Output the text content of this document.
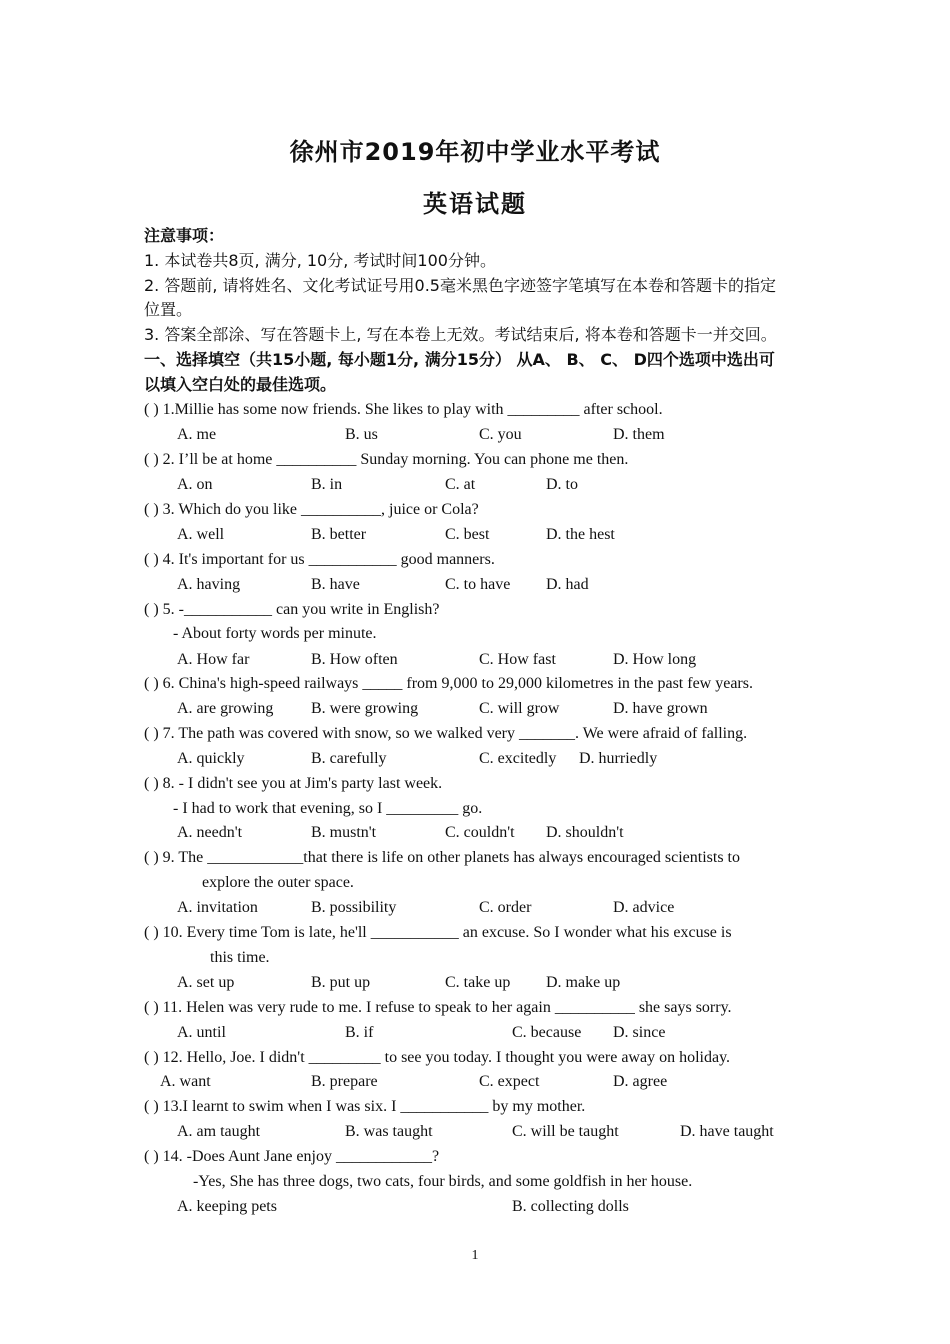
徐州市2019年初中学业水平考试
英语试题
注意事项：
1. 本试卷共8页, 满分, 10分, 考试时间100分钟。
2. 答题前, 请将姓名、文化考试证号用0.5毫米黑色字迹签字笔填写在本卷和答题卡的指定
位置。
3. 答案全部涂、写在答题卡上, 写在本卷上无效。考试结束后, 将本卷和答题卡一并交回。
一、选择填空（共15小题, 每小题1分, 满分15分） 从A、 B、 C、 D四个选项中选出可
以填入空白处的最佳选项。
( ) 1.Millie has some now friends. She likes to play with _________ after school.
A. me	B. us	C. you	D. them
( ) 2. I’ll be at home __________ Sunday morning. You can phone me then.
A. on	B. in	C. at	D. to
( ) 3. Which do you like __________, juice or Cola?
A. well	B. better	C. best	D. the hest
( ) 4. It's important for us ___________ good manners.
A. having	B. have	C. to have D. had
( ) 5. -___________ can you write in English?
- About forty words per minute.
A. How far	B. How often	C. How fast	D. How long
( ) 6. China's high-speed railways _____ from 9,000 to 29,000 kilometres in the past few years.
A. are growing B. were growing	C. will grow	D. have grown
( ) 7. The path was covered with snow, so we walked very _______. We were afraid of falling.
A. quickly	B. carefully	C. excitedly D. hurriedly
( ) 8. - I didn't see you at Jim's party last week.
- I had to work that evening, so I _________ go.
A. needn't	B. mustn't	C. couldn't D. shouldn't
( ) 9. The ____________that there is life on other planets has always encouraged scientists to
explore the outer space.
A. invitation	B. possibility	C. order	D. advice
( ) 10. Every time Tom is late, he'll ___________ an excuse. So I wonder what his excuse is
this time.
A. set up	B. put up	C. take up D. make up
( ) 11. Helen was very rude to me. I refuse to speak to her again __________ she says sorry.
A. until	B. if	C. because D. since
( ) 12. Hello, Joe. I didn't _________ to see you today. I thought you were away on holiday.
A. want	B. prepare	C. expect	D. agree
( ) 13.I learnt to swim when I was six. I ___________ by my mother.
A. am taught	B. was taught	C. will be taught	D. have taught
( ) 14. -Does Aunt Jane enjoy ____________?
-Yes, She has three dogs, two cats, four birds, and some goldfish in her house.
A. keeping pets	B. collecting dolls
1
